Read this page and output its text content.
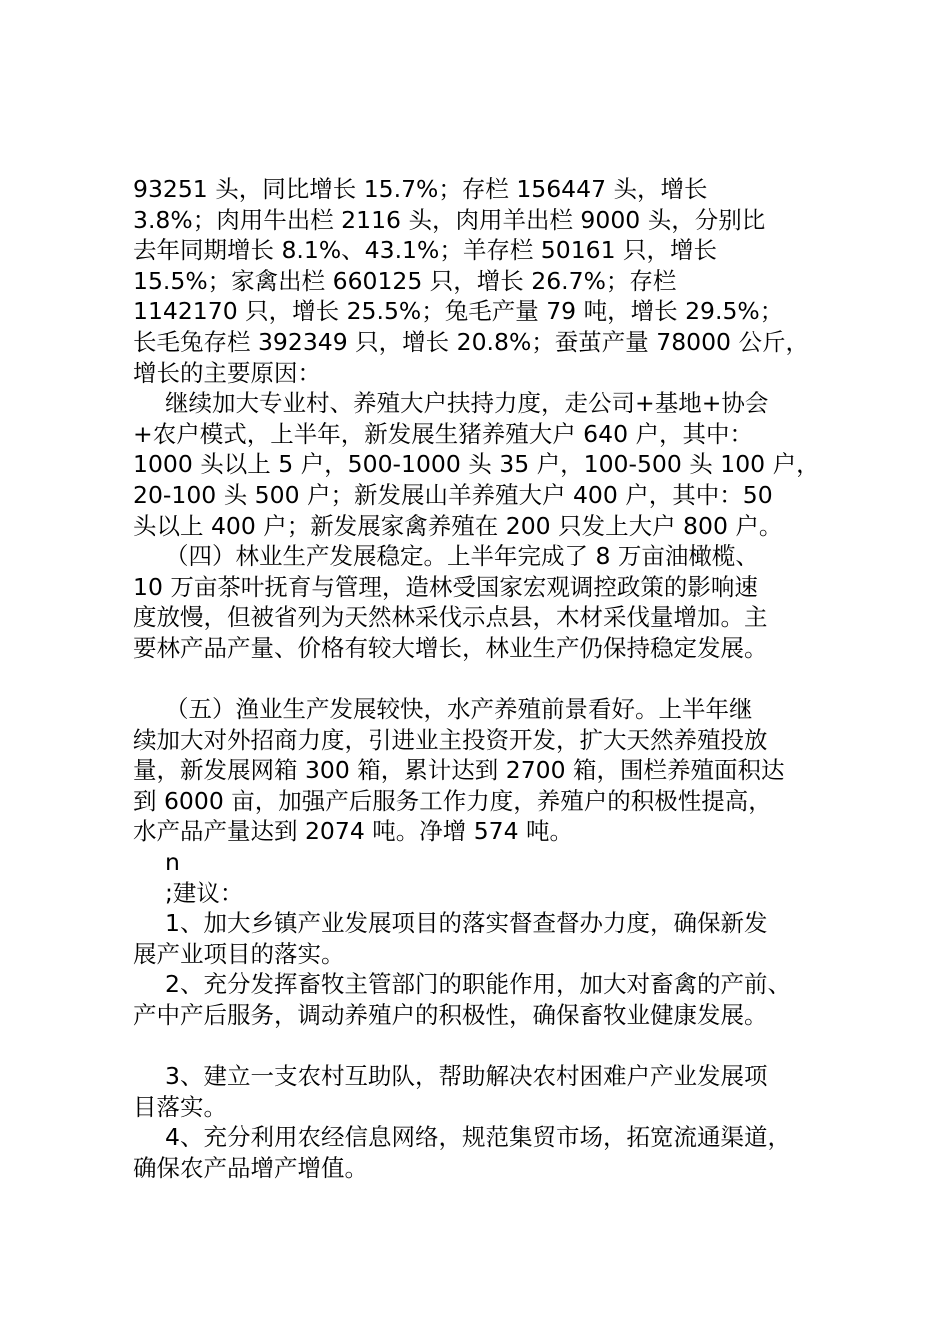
93251 头，同比增长 15.7%；存栏 156447 头，增长
3.8%；肉用牛出栏 2116 头，肉用羊出栏 9000 头，分别比
去年同期增长 8.1%、43.1%；羊存栏 50161 只，增长
15.5%；家禽出栏 660125 只，增长 26.7%；存栏
1142170 只，增长 25.5%；兔毛产量 79 吨，增长 29.5%；
长毛兔存栏 392349 只，增长 20.8%；蚕茧产量 78000 公斤，
增长的主要原因：
继续加大专业村、养殖大户扶持力度，走公司+基地+协会
+农户模式，上半年，新发展生猪养殖大户 640 户，其中：
1000 头以上 5 户，500-1000 头 35 户，100-500 头 100 户，
20-100 头 500 户；新发展山羊养殖大户 400 户，其中：50
头以上 400 户；新发展家禽养殖在 200 只发上大户 800 户。
（四）林业生产发展稳定。上半年完成了 8 万亩油橄榄、
10 万亩茶叶抚育与管理，造林受国家宏观调控政策的影响速
度放慢，但被省列为天然林采伐示点县，木材采伐量增加。主
要林产品产量、价格有较大增长，林业生产仍保持稳定发展。
（五）渔业生产发展较快，水产养殖前景看好。上半年继
续加大对外招商力度，引进业主投资开发，扩大天然养殖投放
量，新发展网箱 300 箱，累计达到 2700 箱，围栏养殖面积达
到 6000 亩，加强产后服务工作力度，养殖户的积极性提高，
水产品产量达到 2074 吨。净增 574 吨。
n
;建议：
1、加大乡镇产业发展项目的落实督查督办力度，确保新发
展产业项目的落实。
2、充分发挥畜牧主管部门的职能作用，加大对畜禽的产前、
产中产后服务，调动养殖户的积极性，确保畜牧业健康发展。
3、建立一支农村互助队，帮助解决农村困难户产业发展项
目落实。
4、充分利用农经信息网络，规范集贸市场，拓宽流通渠道，
确保农产品增产增值。
